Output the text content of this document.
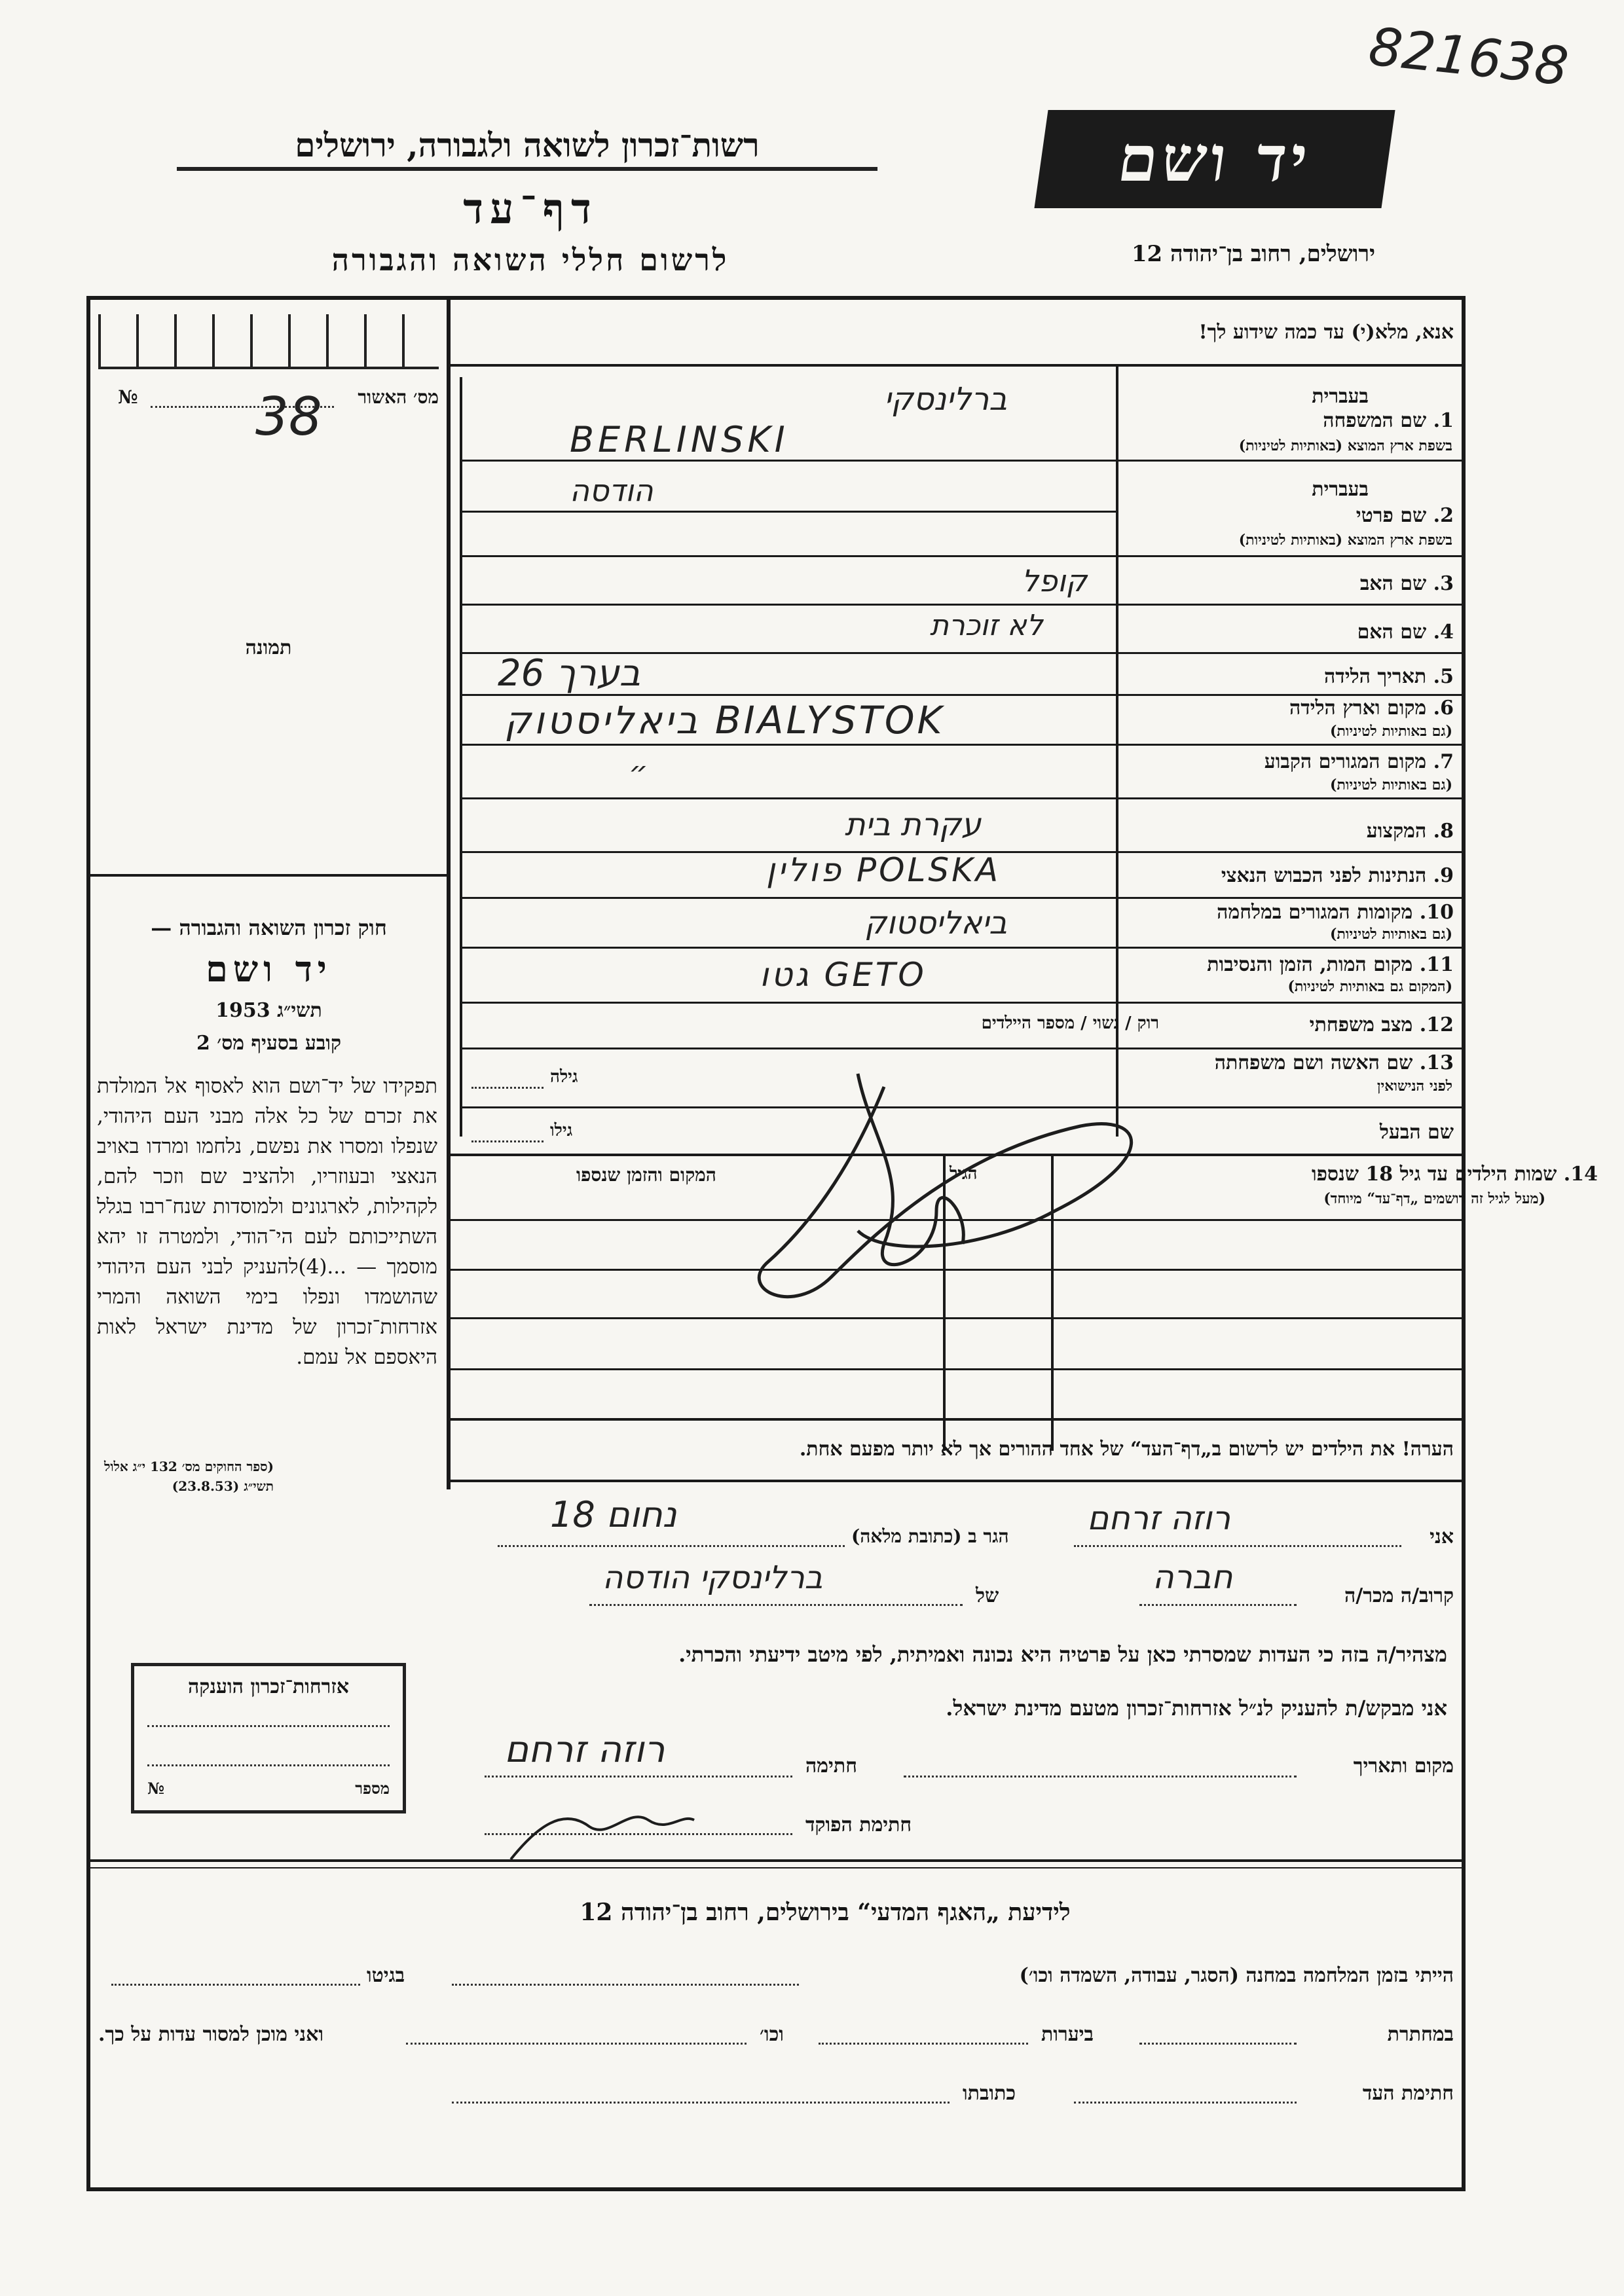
821638
רשות־זכרון לשואה ולגבורה, ירושלים
דף־עד
לרשום חללי השואה והגבורה
יד ושם
ירושלים, רחוב בן־יהודה 12
אנא, מלא(י) עד כמה שידוע לך!
מס׳ האשור
№ 38
תמונה
חוק זכרון השואה והגבורה —
יד ושם
תשי״ג 1953
קובע בסעיף מס׳ 2
תפקידו של יד־ושם הוא לאסוף אל המולדת את זכרם של כל אלה מבני העם היהודי, שנפלו ומסרו את נפשם, נלחמו ומרדו באויב הנאצי ובעוזריו, ולהציב שם וזכר להם, לקהילות, לארגונים ולמוסדות שנח־רבו בגלל השתייכותם לעם הי־הודי, ולמטרה זו יהא מוסמך — ...(4)להעניק לבני העם היהודי שהושמדו ונפלו בימי השואה והמרי אזרחות־זכרון של מדינת ישראל לאות היאספם אל עמם.
(ספר החוקים מס׳ 132 י״ג אלול תשי״ג (23.8.53)
אזרחות־זכרון הוענקה
מספר
№
1. שם המשפחה
בעברית
בשפת ארץ המוצא (באותיות לטיניות)
ברלינסקי
BERLINSKI
2. שם פרטי
בעברית
בשפת ארץ המוצא (באותיות לטיניות)
הודסה
3. שם האב
קופל
4. שם האם
לא זוכרת
5. תאריך הלידה
בערך 26
6. מקום וארץ הלידה
(גם באותיות לטיניות)
ביאליסטוק BIALYSTOK
7. מקום המגורים הקבוע
(גם באותיות לטיניות)
״
8. המקצוע
עקרת בית
9. הנתינות לפני הכבוש הנאצי
פולין POLSKA
10. מקומות המגורים במלחמה
(גם באותיות לטיניות)
ביאליסטוק
11. מקום המות, הזמן והנסיבות
(המקום גם באותיות לטיניות)
גטו GETO
12. מצב משפחתי
רוק / נשוי / מספר היילדים
13. שם האשה ושם משפחתה
לפני הנישואין
גילה
שם הבעל
גילו
14. שמות הילדים עד גיל 18 שנספו
(מעל לגיל זה רושמים „דף־עד“ מיוחד)
הגיל
המקום והזמן שנספו
הערה! את הילדים יש לרשום ב„דף־העד“ של אחד ההורים אך לא יותר מפעם אחת.
אני
רוזה זרחם
הגר ב (כתובת מלאה)
נחום 18
קרוב/ה מכר/ה
חברה
של
ברלינסקי הודסה
מצהיר/ה בזה כי העדות שמסרתי כאן על פרטיה היא נכונה ואמיתית, לפי מיטב ידיעתי והכרתי.
אני מבקש/ת להעניק לנ״ל אזרחות־זכרון מטעם מדינת ישראל.
מקום ותאריך
חתימה
רוזה זרחם
חתימת הפוקד
לידיעת „האגף המדעי“ בירושלים, רחוב בן־יהודה 12
הייתי בזמן המלחמה במחנה (הסגר, עבודה, השמדה וכו׳)
בגיטו
במחתרת
ביערות
וכו׳
ואני מוכן למסור עדות על כך.
חתימת העד
כתובתו
